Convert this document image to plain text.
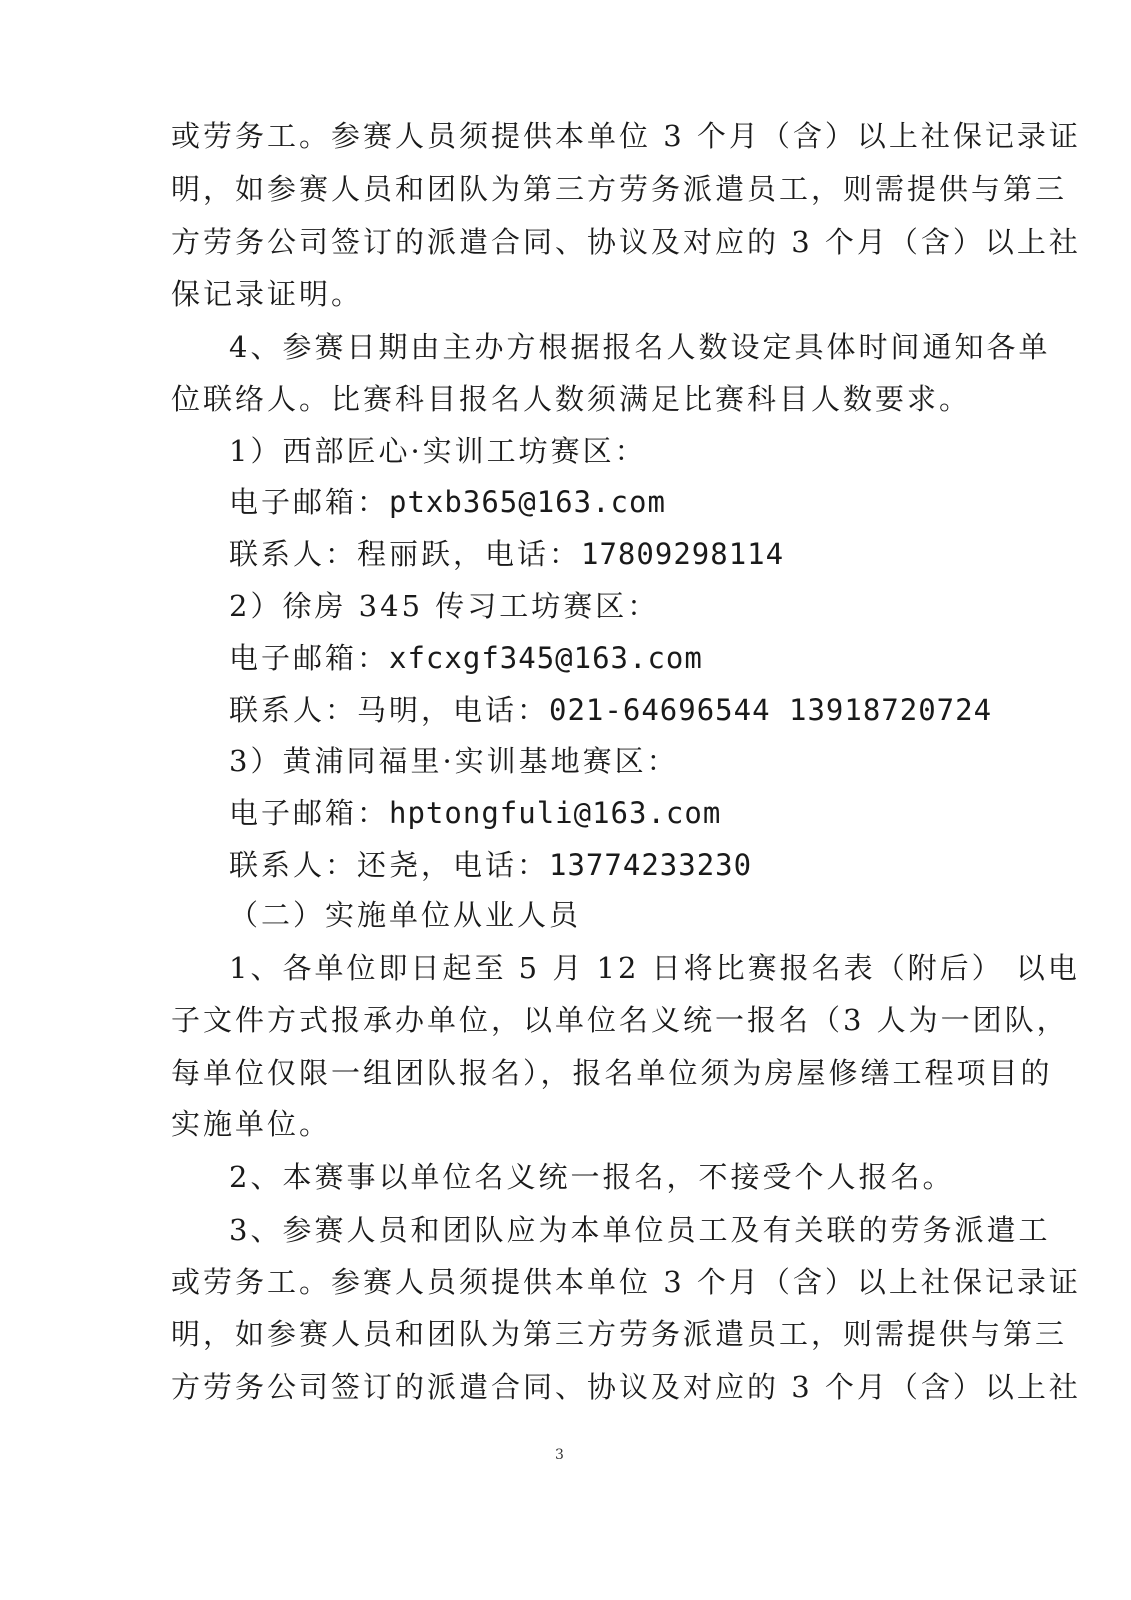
或劳务工。参赛人员须提供本单位 3 个月（含）以上社保记录证
明，如参赛人员和团队为第三方劳务派遣员工，则需提供与第三
方劳务公司签订的派遣合同、协议及对应的 3 个月（含）以上社
保记录证明。
4、参赛日期由主办方根据报名人数设定具体时间通知各单
位联络人。比赛科目报名人数须满足比赛科目人数要求。
1）西部匠心·实训工坊赛区：
电子邮箱：ptxb365@163.com
联系人：程丽跃，电话：17809298114
2）徐房 345 传习工坊赛区：
电子邮箱：xfcxgf345@163.com
联系人：马明，电话：021-64696544 13918720724
3）黄浦同福里·实训基地赛区：
电子邮箱：hptongfuli@163.com
联系人：还尧，电话：13774233230
（二）实施单位从业人员
1、各单位即日起至 5 月 12 日将比赛报名表（附后） 以电
子文件方式报承办单位，以单位名义统一报名（3 人为一团队，
每单位仅限一组团队报名），报名单位须为房屋修缮工程项目的
实施单位。
2、本赛事以单位名义统一报名，不接受个人报名。
3、参赛人员和团队应为本单位员工及有关联的劳务派遣工
或劳务工。参赛人员须提供本单位 3 个月（含）以上社保记录证
明，如参赛人员和团队为第三方劳务派遣员工，则需提供与第三
方劳务公司签订的派遣合同、协议及对应的 3 个月（含）以上社
3
